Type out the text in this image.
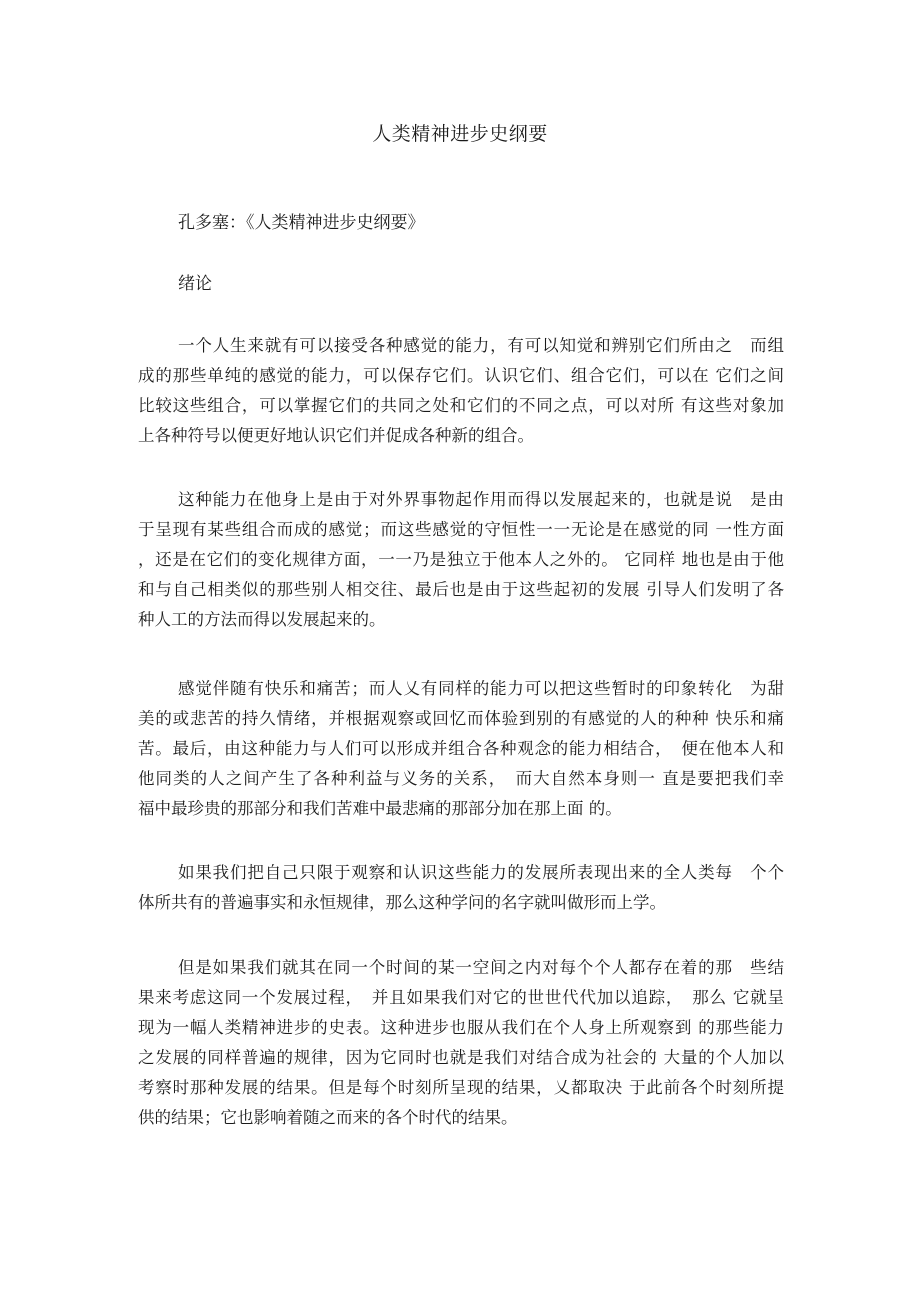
人类精神进步史纲要
孔多塞：《人类精神进步史纲要》
绪论
一个人生来就有可以接受各种感觉的能力，有可以知觉和辨别它们所由之　而组
成的那些单纯的感觉的能力，可以保存它们。认识它们、组合它们，可以在 它们之间
比较这些组合，可以掌握它们的共同之处和它们的不同之点，可以对所 有这些对象加
上各种符号以便更好地认识它们并促成各种新的组合。
这种能力在他身上是由于对外界事物起作用而得以发展起来的，也就是说　是由
于呈现有某些组合而成的感觉；而这些感觉的守恒性一一无论是在感觉的同 一性方面
，还是在它们的变化规律方面，一一乃是独立于他本人之外的。 它同样 地也是由于他
和与自己相类似的那些别人相交往、最后也是由于这些起初的发展 引导人们发明了各
种人工的方法而得以发展起来的。
感觉伴随有快乐和痛苦；而人乂有同样的能力可以把这些暂时的印象转化　为甜
美的或悲苦的持久情绪，并根据观察或回忆而体验到别的有感觉的人的种种 快乐和痛
苦。最后，由这种能力与人们可以形成并组合各种观念的能力相结合，　便在他本人和
他同类的人之间产生了各种利益与义务的关系，　而大自然本身则一 直是要把我们幸
福中最珍贵的那部分和我们苦难中最悲痛的那部分加在那上面 的。
如果我们把自己只限于观察和认识这些能力的发展所表现出来的全人类每　个个
体所共有的普遍事实和永恒规律，那么这种学问的名字就叫做形而上学。
但是如果我们就其在同一个时间的某一空间之内对每个个人都存在着的那　些结
果来考虑这同一个发展过程，　并且如果我们对它的世世代代加以追踪，　那么 它就呈
现为一幅人类精神进步的史表。这种进步也服从我们在个人身上所观察到 的那些能力
之发展的同样普遍的规律，因为它同时也就是我们对结合成为社会的 大量的个人加以
考察时那种发展的结果。但是每个时刻所呈现的结果，乂都取决 于此前各个时刻所提
供的结果；它也影响着随之而来的各个时代的结果。
